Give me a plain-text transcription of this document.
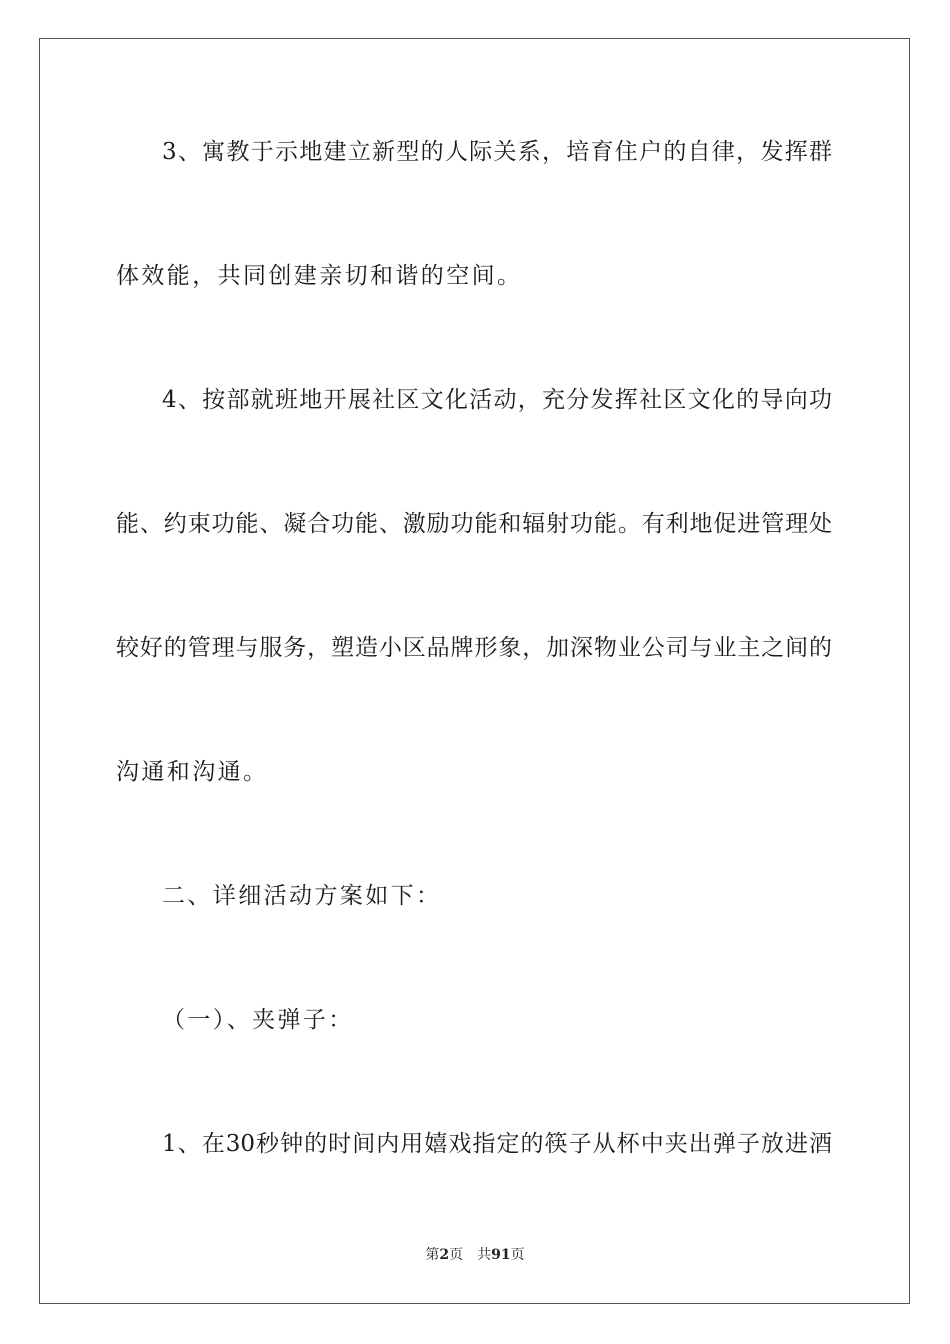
3、寓教于示地建立新型的人际关系，培育住户的自律，发挥群
体效能，共同创建亲切和谐的空间。
4、按部就班地开展社区文化活动，充分发挥社区文化的导向功
能、约束功能、凝合功能、激励功能和辐射功能。有利地促进管理处
较好的管理与服务，塑造小区品牌形象，加深物业公司与业主之间的
沟通和沟通。
二、详细活动方案如下：
（一）、夹弹子：
1、在30秒钟的时间内用嬉戏指定的筷子从杯中夹出弹子放进酒
第2页 共91页
